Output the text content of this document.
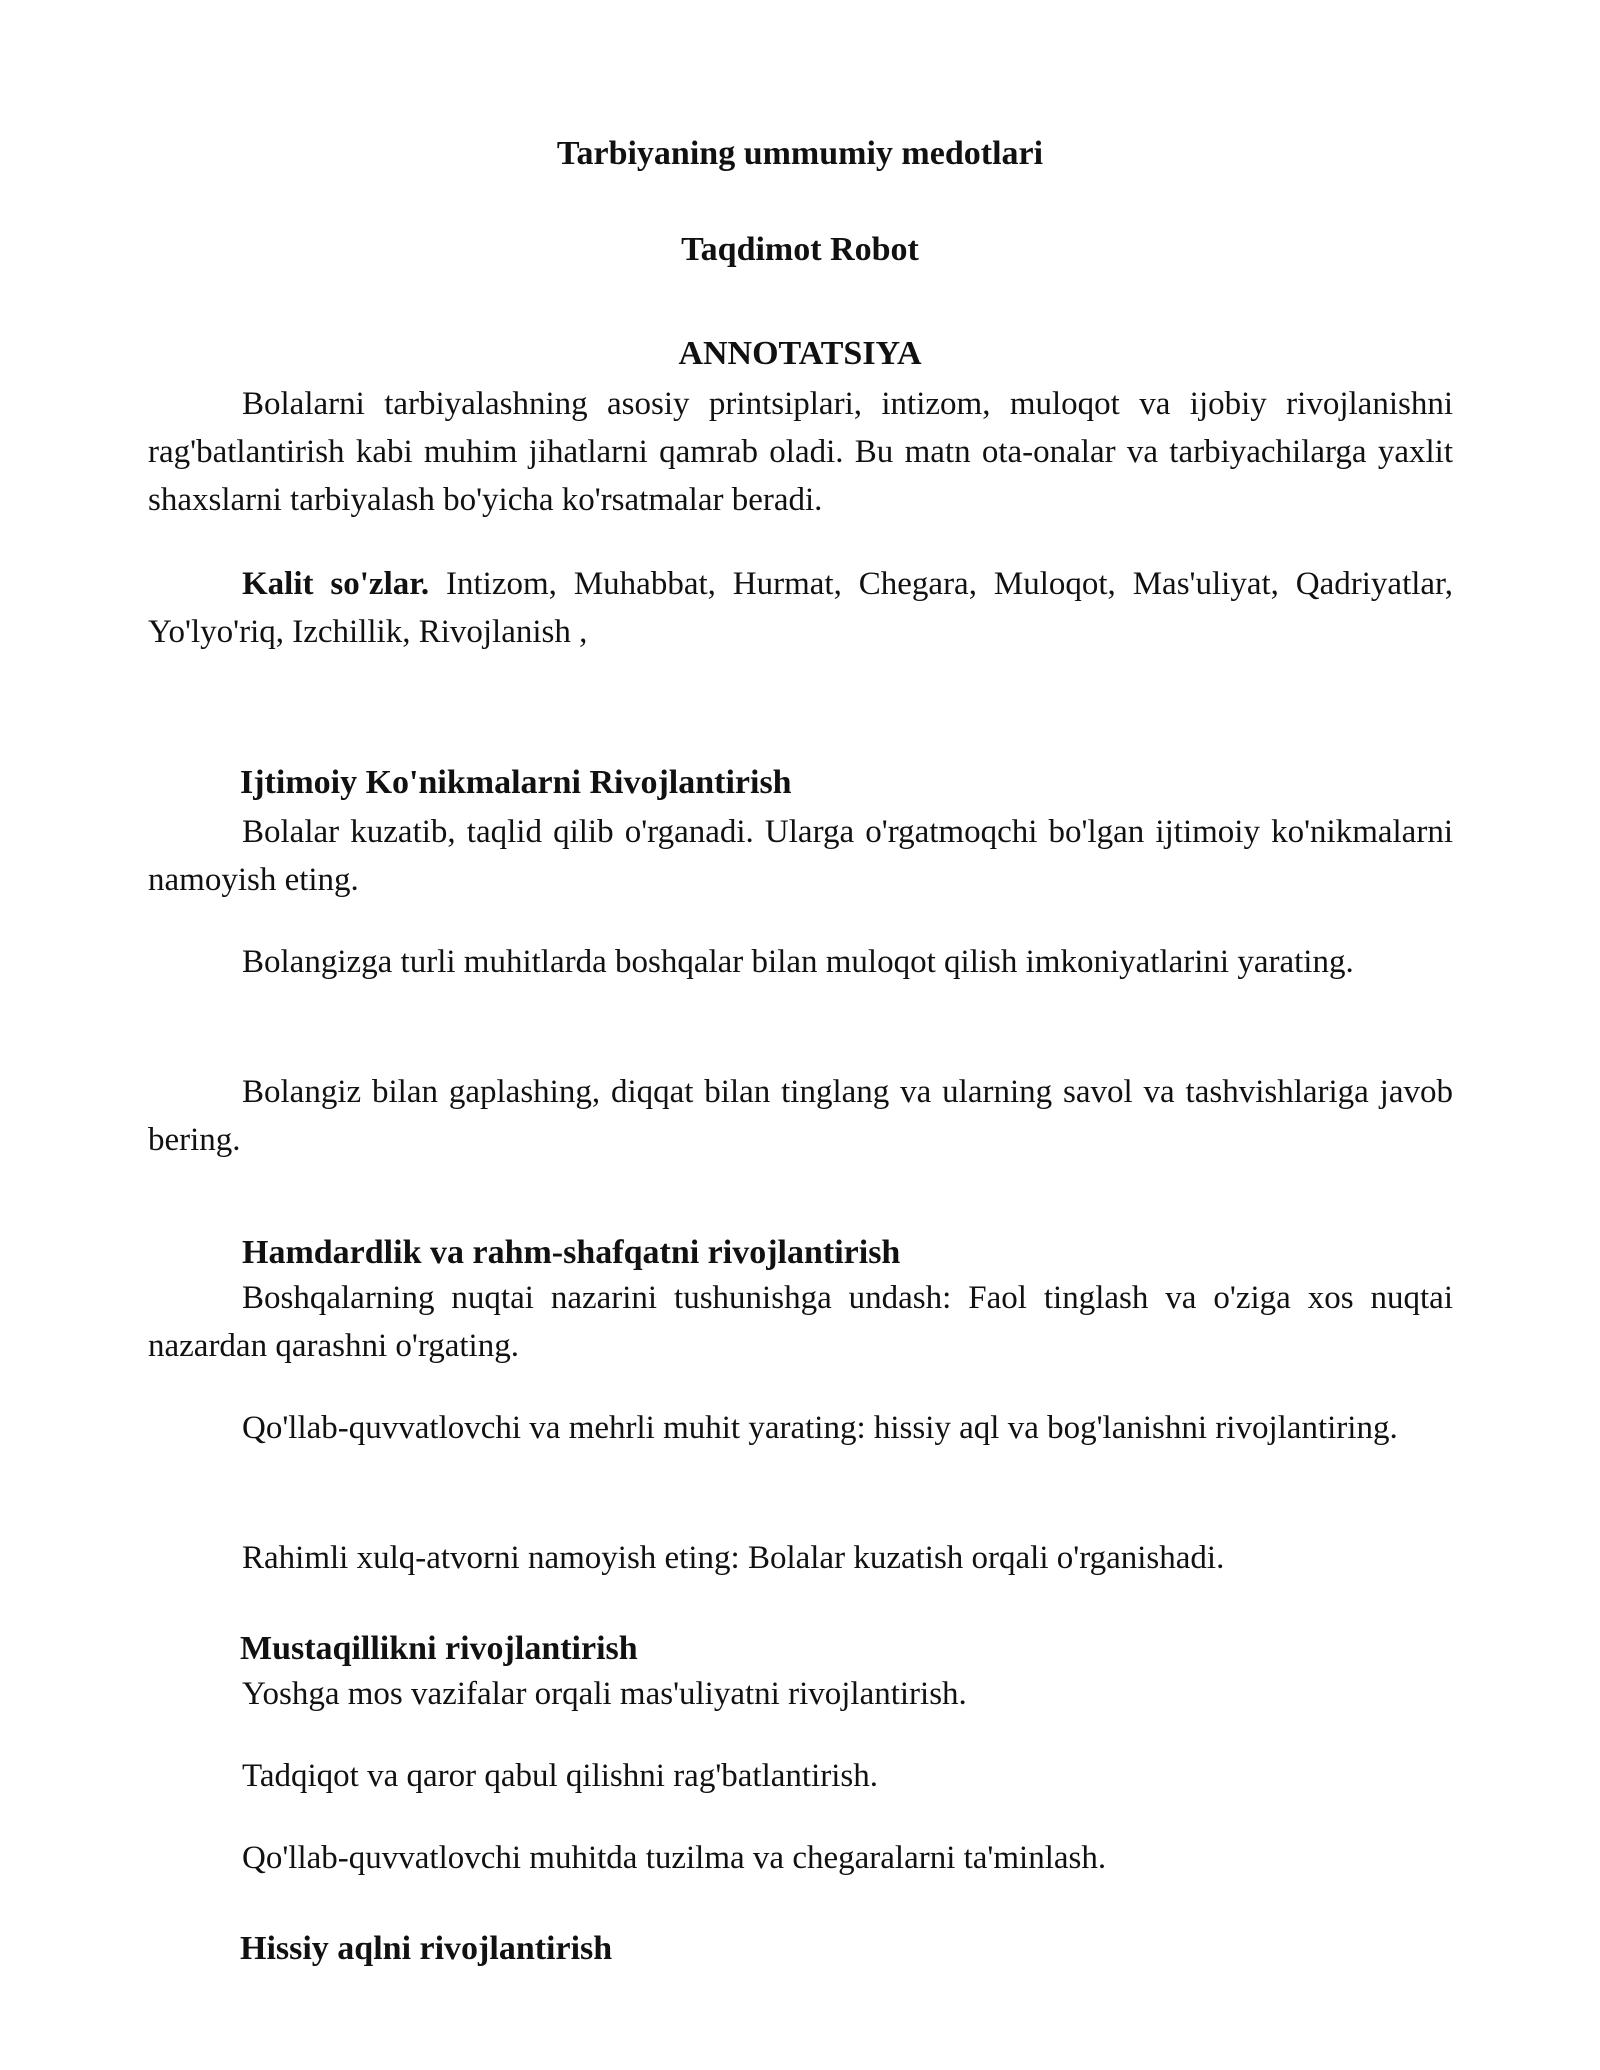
Tarbiyaning ummumiy medotlari
Taqdimot Robot
ANNOTATSIYA

Bolalarni tarbiyalashning asosiy printsiplari, intizom, muloqot va ijobiy rivojlanishni rag'batlantirish kabi muhim jihatlarni qamrab oladi. Bu matn ota-onalar va tarbiyachilarga yaxlit shaxslarni tarbiyalash bo'yicha ko'rsatmalar beradi.

Kalit so'zlar. Intizom, Muhabbat, Hurmat, Chegara, Muloqot, Mas'uliyat, Qadriyatlar, Yo'lyo'riq, Izchillik, Rivojlanish ,

Ijtimoiy Ko'nikmalarni Rivojlantirish

Bolalar kuzatib, taqlid qilib o'rganadi. Ularga o'rgatmoqchi bo'lgan ijtimoiy ko'nikmalarni namoyish eting.

Bolangizga turli muhitlarda boshqalar bilan muloqot qilish imkoniyatlarini yarating.

Bolangiz bilan gaplashing, diqqat bilan tinglang va ularning savol va tashvishlariga javob bering.

Hamdardlik va rahm-shafqatni rivojlantirish

Boshqalarning nuqtai nazarini tushunishga undash: Faol tinglash va o'ziga xos nuqtai nazardan qarashni o'rgating.

Qo'llab-quvvatlovchi va mehrli muhit yarating: hissiy aql va bog'lanishni rivojlantiring.

Rahimli xulq-atvorni namoyish eting: Bolalar kuzatish orqali o'rganishadi.

Mustaqillikni rivojlantirish

Yoshga mos vazifalar orqali mas'uliyatni rivojlantirish.

Tadqiqot va qaror qabul qilishni rag'batlantirish.

Qo'llab-quvvatlovchi muhitda tuzilma va chegaralarni ta'minlash.

Hissiy aqlni rivojlantirish
